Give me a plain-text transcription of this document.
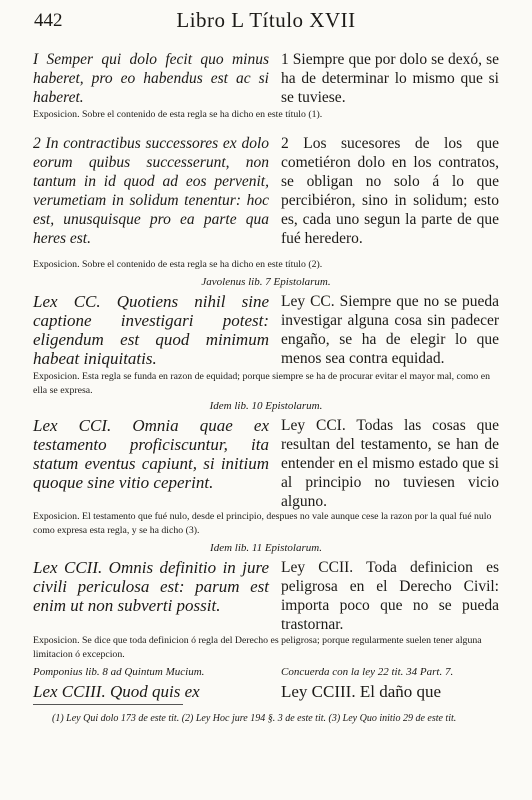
442	Libro L Título XVII
I Semper qui dolo fecit quo minus haberet, pro eo habendus est ac si haberet.
1 Siempre que por dolo se dexó, se ha de determinar lo mismo que si se tuviese.
Exposicion. Sobre el contenido de esta regla se ha dicho en este título (1).
2 In contractibus successores ex dolo eorum quibus successerunt, non tantum in id quod ad eos pervenit, verumetiam in solidum tenentur: hoc est, unusquisque pro ea parte qua heres est.
2 Los sucesores de los que cometiéron dolo en los contratos, se obligan no solo á lo que percibiéron, sino in solidum; esto es, cada uno segun la parte de que fué heredero.
Exposicion. Sobre el contenido de esta regla se ha dicho en este título (2).
Javolenus lib. 7 Epistolarum.
Lex CC. Quotiens nihil sine captione investigari potest: eligendum est quod minimum habeat iniquitatis.
Ley CC. Siempre que no se pueda investigar alguna cosa sin padecer engaño, se ha de elegir lo que menos sea contra equidad.
Exposicion. Esta regla se funda en razon de equidad; porque siempre se ha de procurar evitar el mayor mal, como en ella se expresa.
Idem lib. 10 Epistolarum.
Lex CCI. Omnia quae ex testamento proficiscuntur, ita statum eventus capiunt, si initium quoque sine vitio ceperint.
Ley CCI. Todas las cosas que resultan del testamento, se han de entender en el mismo estado que si al principio no tuviesen vicio alguno.
Exposicion. El testamento que fué nulo, desde el principio, despues no vale aunque cese la razon por la qual fué nulo como expresa esta regla, y se ha dicho (3).
Idem lib. 11 Epistolarum.
Lex CCII. Omnis definitio in jure civili periculosa est: parum est enim ut non subverti possit.
Ley CCII. Toda definicion es peligrosa en el Derecho Civil: importa poco que no se pueda trastornar.
Exposicion. Se dice que toda definicion ó regla del Derecho es peligrosa; porque regularmente suelen tener alguna limitacion ó excepcion.
Pomponius lib. 8 ad Quintum Mucium.	Concuerda con la ley 22 tit. 34 Part. 7.
Lex CCIII. Quod quis ex	Ley CCIII. El daño que
(1) Ley Qui dolo 173 de este tit. (2) Ley Hoc jure 194 §. 3 de este tit. (3) Ley Quo initio 29 de este tit.
